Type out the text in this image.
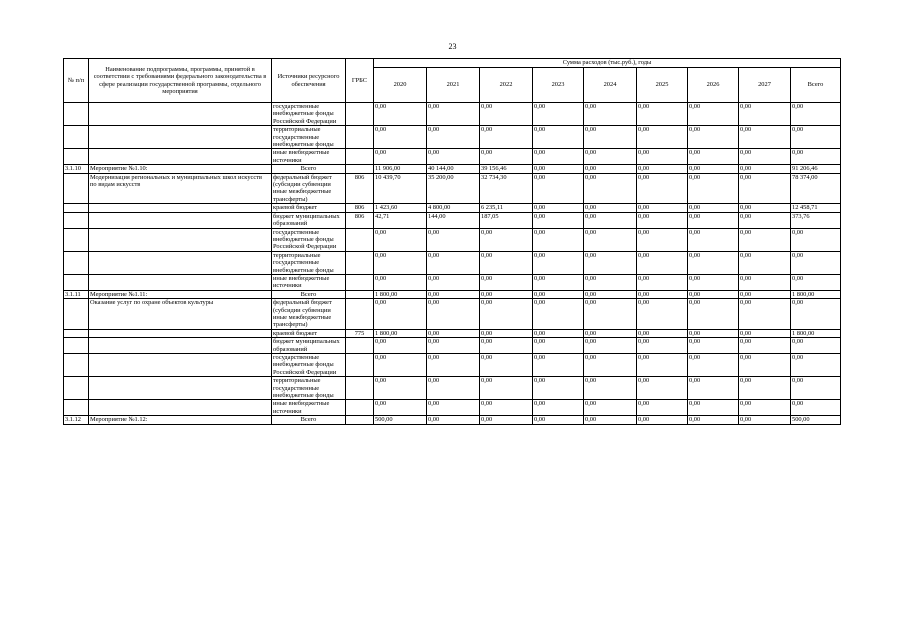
23
№ п/п	Наименование подпрограммы, программы, принятой в соответствии с требованиями федерального законодательства в сфере реализации государственной программы, отдельного мероприятия	Источники ресурсного обеспечения	ГРБС	Сумма расходов (тыс.руб.), годы								
				2020	2021	2022	2023	2024	2025	2026	2027	Всего
		государственные внебюджетные фонды Российской Федерации		0,00	0,00	0,00	0,00	0,00	0,00	0,00	0,00	0,00
		территориальные государственные внебюджетные фонды		0,00	0,00	0,00	0,00	0,00	0,00	0,00	0,00	0,00
		иные внебюджетные источники		0,00	0,00	0,00	0,00	0,00	0,00	0,00	0,00	0,00
3.1.10	Мероприятие №1.10:	Всего		11 906,00	40 144,00	39 156,46	0,00	0,00	0,00	0,00	0,00	91 206,46
	Модернизация региональных и муниципальных школ искусств по видам искусств	федеральный бюджет (субсидии субвенции иные межбюджетные трансферты)	806	10 439,70	35 200,00	32 734,30	0,00	0,00	0,00	0,00	0,00	78 374,00
		краевой бюджет	806	1 423,60	4 800,00	6 235,11	0,00	0,00	0,00	0,00	0,00	12 458,71
		бюджет муниципальных образований	806	42,71	144,00	187,05	0,00	0,00	0,00	0,00	0,00	373,76
		государственные внебюджетные фонды Российской Федерации		0,00	0,00	0,00	0,00	0,00	0,00	0,00	0,00	0,00
		территориальные государственные внебюджетные фонды		0,00	0,00	0,00	0,00	0,00	0,00	0,00	0,00	0,00
		иные внебюджетные источники		0,00	0,00	0,00	0,00	0,00	0,00	0,00	0,00	0,00
3.1.11	Мероприятие №1.11:	Всего		1 800,00	0,00	0,00	0,00	0,00	0,00	0,00	0,00	1 800,00
	Оказание услуг по охране объектов культуры	федеральный бюджет (субсидии субвенции иные межбюджетные трансферты)		0,00	0,00	0,00	0,00	0,00	0,00	0,00	0,00	0,00
		краевой бюджет	775	1 800,00	0,00	0,00	0,00	0,00	0,00	0,00	0,00	1 800,00
		бюджет муниципальных образований		0,00	0,00	0,00	0,00	0,00	0,00	0,00	0,00	0,00
		государственные внебюджетные фонды Российской Федерации		0,00	0,00	0,00	0,00	0,00	0,00	0,00	0,00	0,00
		территориальные государственные внебюджетные фонды		0,00	0,00	0,00	0,00	0,00	0,00	0,00	0,00	0,00
		иные внебюджетные источники		0,00	0,00	0,00	0,00	0,00	0,00	0,00	0,00	0,00
3.1.12	Мероприятие №1.12:	Всего		500,00	0,00	0,00	0,00	0,00	0,00	0,00	0,00	500,00
